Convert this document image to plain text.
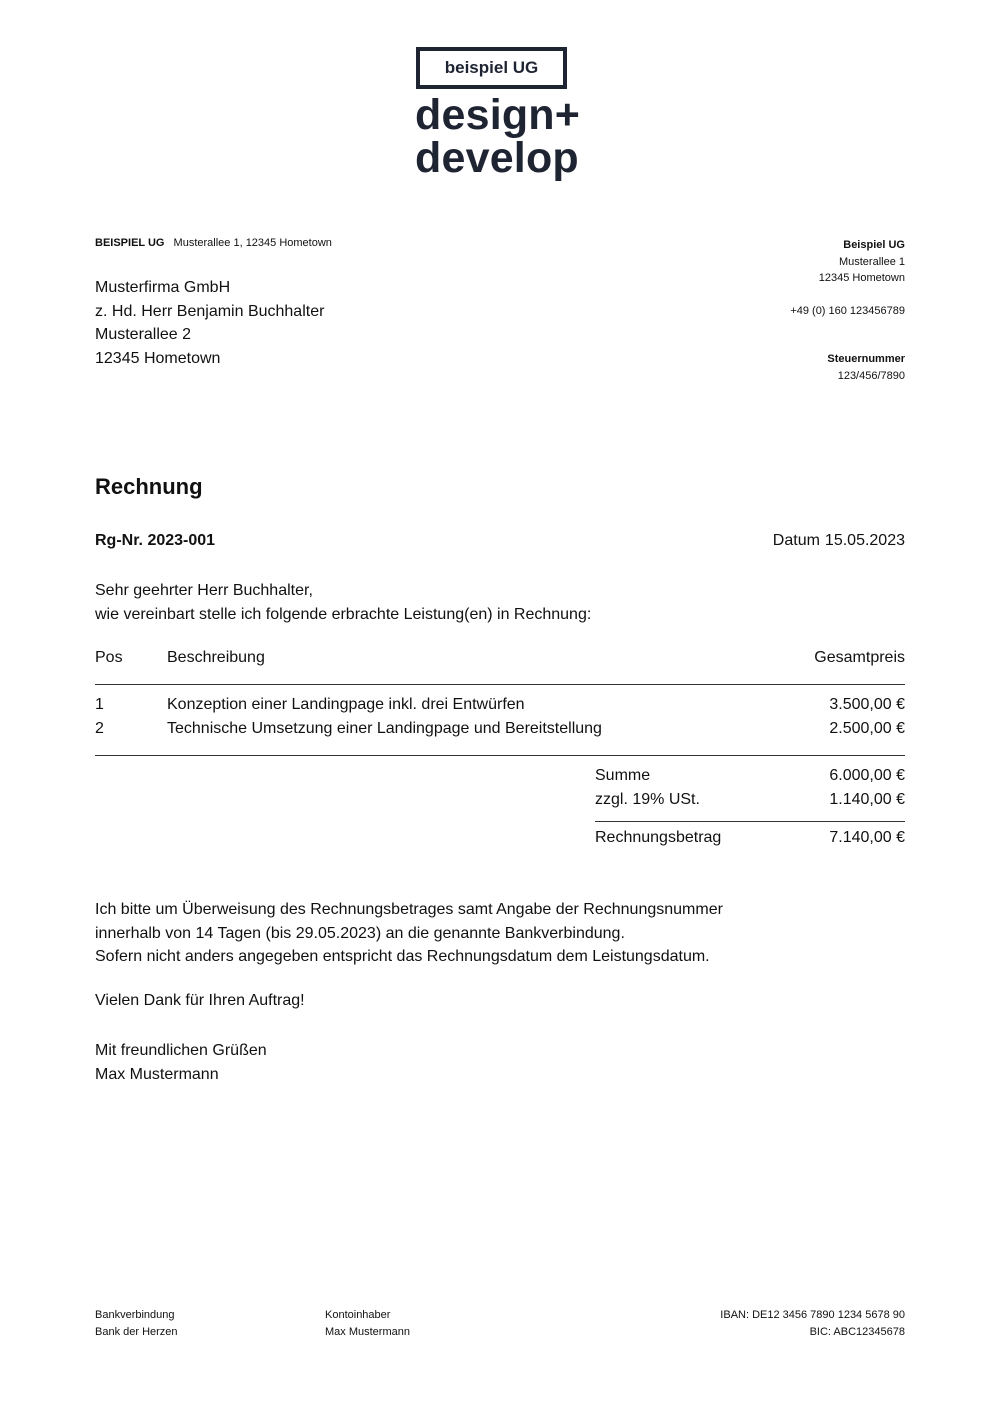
beispiel UG
design+
develop
BEISPIEL UG Musterallee 1, 12345 Hometown
Musterfirma GmbH
z. Hd. Herr Benjamin Buchhalter
Musterallee 2
12345 Hometown
Beispiel UG
Musterallee 1
12345 Hometown
+49 (0) 160 123456789
Steuernummer
123/456/7890
Rechnung
Rg-Nr. 2023-001	Datum 15.05.2023
Sehr geehrter Herr Buchhalter,
wie vereinbart stelle ich folgende erbrachte Leistung(en) in Rechnung:
Pos	Beschreibung	Gesamtpreis
1	Konzeption einer Landingpage inkl. drei Entwürfen	3.500,00 €
2	Technische Umsetzung einer Landingpage und Bereitstellung	2.500,00 €
Summe	6.000,00 €
zzgl. 19% USt.	1.140,00 €
Rechnungsbetrag	7.140,00 €
Ich bitte um Überweisung des Rechnungsbetrages samt Angabe der Rechnungsnummer
innerhalb von 14 Tagen (bis 29.05.2023) an die genannte Bankverbindung.
Sofern nicht anders angegeben entspricht das Rechnungsdatum dem Leistungsdatum.
Vielen Dank für Ihren Auftrag!
Mit freundlichen Grüßen
Max Mustermann
Bankverbindung
Bank der Herzen
Kontoinhaber
Max Mustermann
IBAN: DE12 3456 7890 1234 5678 90
BIC: ABC12345678
